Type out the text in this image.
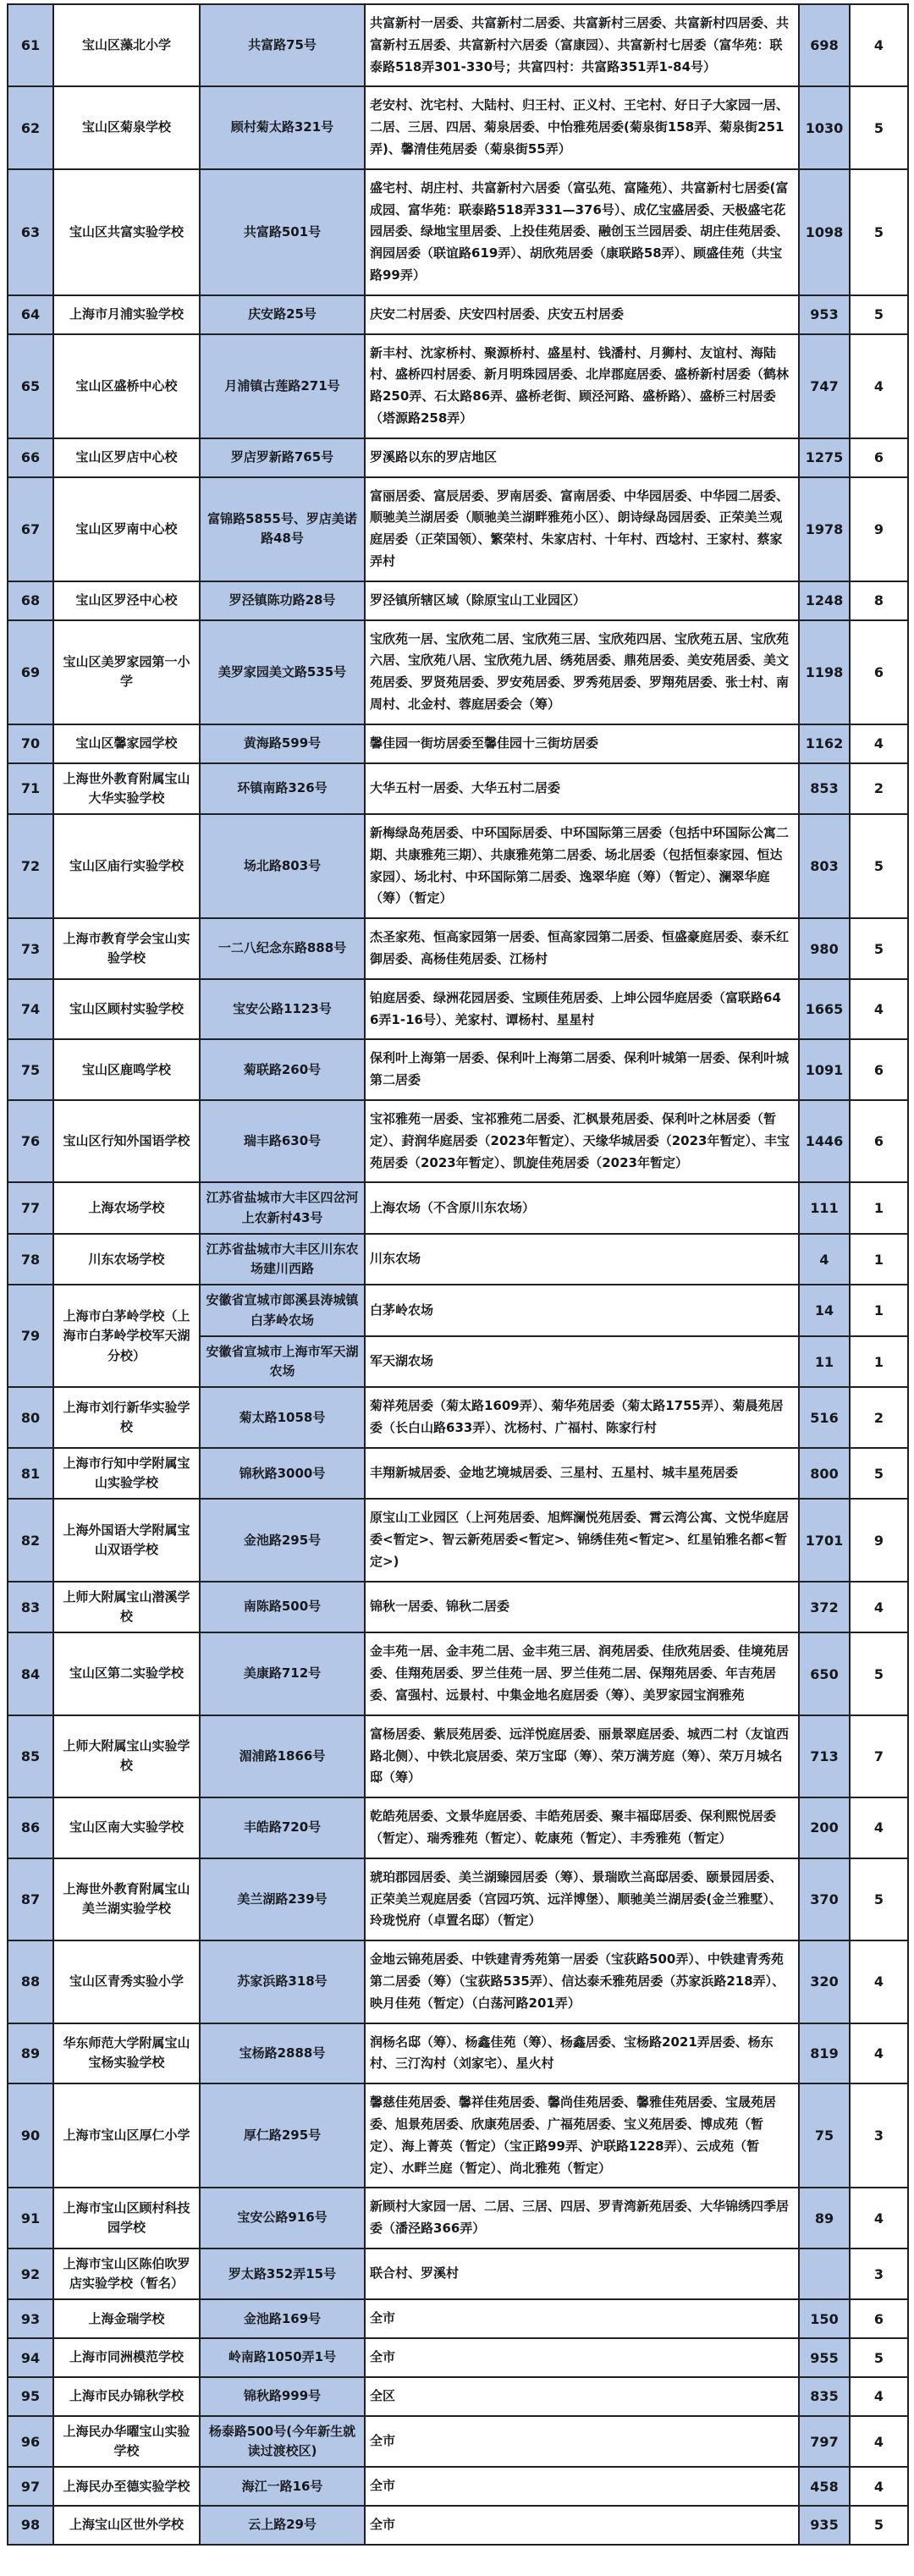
61	宝山区藻北小学	共富路75号	共富新村一居委、共富新村二居委、共富新村三居委、共富新村四居委、共富新村五居委、共富新村六居委（富康园）、共富新村七居委（富华苑：联泰路518弄301-330号；共富四村：共富路351弄1-84号）	698	4
62	宝山区菊泉学校	顾村菊太路321号	老安村、沈宅村、大陆村、归王村、正义村、王宅村、好日子大家园一居、二居、三居、四居、菊泉居委、中怡雅苑居委(菊泉街158弄、菊泉街251弄)、馨清佳苑居委（菊泉街55弄）	1030	5
63	宝山区共富实验学校	共富路501号	盛宅村、胡庄村、共富新村六居委（富弘苑、富隆苑）、共富新村七居委(富成园、富华苑：联泰路518弄331—376号）、成亿宝盛居委、天极盛宅花园居委、绿地宝里居委、上投佳苑居委、融创玉兰园居委、胡庄佳苑居委、润园居委（联谊路619弄）、胡欣苑居委（康联路58弄）、顾盛佳苑（共宝路99弄）	1098	5
64	上海市月浦实验学校	庆安路25号	庆安二村居委、庆安四村居委、庆安五村居委	953	5
65	宝山区盛桥中心校	月浦镇古莲路271号	新丰村、沈家桥村、聚源桥村、盛星村、钱潘村、月狮村、友谊村、海陆村、盛桥四村居委、新月明珠园居委、北岸郡庭居委、盛桥新村居委（鹤林路250弄、石太路86弄、盛桥老街、顾泾河路、盛桥路）、盛桥三村居委（塔源路258弄）	747	4
66	宝山区罗店中心校	罗店罗新路765号	罗溪路以东的罗店地区	1275	6
67	宝山区罗南中心校	富锦路5855号、罗店美诺路48号	富丽居委、富辰居委、罗南居委、富南居委、中华园居委、中华园二居委、顺驰美兰湖居委（顺驰美兰湖畔雅苑小区）、朗诗绿岛园居委、正荣美兰观庭居委（正荣国领）、繁荣村、朱家店村、十年村、西埝村、王家村、蔡家弄村	1978	9
68	宝山区罗泾中心校	罗泾镇陈功路28号	罗泾镇所辖区域（除原宝山工业园区）	1248	8
69	宝山区美罗家园第一小学	美罗家园美文路535号	宝欣苑一居、宝欣苑二居、宝欣苑三居、宝欣苑四居、宝欣苑五居、宝欣苑六居、宝欣苑八居、宝欣苑九居、绣苑居委、鼎苑居委、美安苑居委、美文苑居委、罗贤苑居委、罗安苑居委、罗秀苑居委、罗翔苑居委、张士村、南周村、北金村、蓉庭居委会（筹）	1198	6
70	宝山区馨家园学校	黄海路599号	馨佳园一街坊居委至馨佳园十三街坊居委	1162	4
71	上海世外教育附属宝山大华实验学校	环镇南路326号	大华五村一居委、大华五村二居委	853	2
72	宝山区庙行实验学校	场北路803号	新梅绿岛苑居委、中环国际居委、中环国际第三居委（包括中环国际公寓二期、共康雅苑三期）、共康雅苑第二居委、场北居委（包括恒泰家园、恒达家园）、场北村、中环国际第二居委、逸翠华庭（筹）（暂定）、澜翠华庭（筹）（暂定）	803	5
73	上海市教育学会宝山实验学校	一二八纪念东路888号	杰圣家苑、恒高家园第一居委、恒高家园第二居委、恒盛豪庭居委、泰禾红御居委、高杨佳苑居委、江杨村	980	5
74	宝山区顾村实验学校	宝安公路1123号	铂庭居委、绿洲花园居委、宝顾佳苑居委、上坤公园华庭居委（富联路646弄1-16号）、羌家村、谭杨村、星星村	1665	4
75	宝山区鹿鸣学校	菊联路260号	保利叶上海第一居委、保利叶上海第二居委、保利叶城第一居委、保利叶城第二居委	1091	6
76	宝山区行知外国语学校	瑞丰路630号	宝祁雅苑一居委、宝祁雅苑二居委、汇枫景苑居委、保利叶之林居委（暂定）、葑润华庭居委（2023年暂定）、天缘华城居委（2023年暂定）、丰宝苑居委（2023年暂定）、凯旋佳苑居委（2023年暂定）	1446	6
77	上海农场学校	江苏省盐城市大丰区四岔河上农新村43号	上海农场（不含原川东农场）	111	1
78	川东农场学校	江苏省盐城市大丰区川东农场建川西路	川东农场	4	1
79	上海市白茅岭学校（上海市白茅岭学校军天湖分校）	安徽省宣城市郎溪县涛城镇白茅岭农场	白茅岭农场	14	1
		安徽省宣城市上海市军天湖农场	军天湖农场	11	1
80	上海市刘行新华实验学校	菊太路1058号	菊祥苑居委（菊太路1609弄）、菊华苑居委（菊太路1755弄）、菊晨苑居委（长白山路633弄）、沈杨村、广福村、陈家行村	516	2
81	上海市行知中学附属宝山实验学校	锦秋路3000号	丰翔新城居委、金地艺境城居委、三星村、五星村、城丰星苑居委	800	5
82	上海外国语大学附属宝山双语学校	金池路295号	原宝山工业园区（上河苑居委、旭辉澜悦苑居委、霄云湾公寓、文悦华庭居委<暂定>、智云新苑居委<暂定>、锦绣佳苑<暂定>、红星铂雅名都<暂定>)	1701	9
83	上师大附属宝山潜溪学校	南陈路500号	锦秋一居委、锦秋二居委	372	4
84	宝山区第二实验学校	美康路712号	金丰苑一居、金丰苑二居、金丰苑三居、润苑居委、佳欣苑居委、佳境苑居委、佳翔苑居委、罗兰佳苑一居、罗兰佳苑二居、保翔苑居委、年吉苑居委、富强村、远景村、中集金地名庭居委（筹）、美罗家园宝润雅苑	650	5
85	上师大附属宝山实验学校	湄浦路1866号	富杨居委、紫辰苑居委、远洋悦庭居委、丽景翠庭居委、城西二村（友谊西路北侧）、中铁北宸居委、荣万宝邸（筹）、荣万满芳庭（筹）、荣万月城名邸（筹）	713	7
86	宝山区南大实验学校	丰皓路720号	乾皓苑居委、文景华庭居委、丰皓苑居委、聚丰福邸居委、保利熙悦居委（暂定）、瑞秀雅苑（暂定）、乾康苑（暂定）、丰秀雅苑（暂定）	200	4
87	上海世外教育附属宝山美兰湖实验学校	美兰湖路239号	琥珀郡园居委、美兰湖臻园居委（筹）、景瑞欧兰高邸居委、颐景园居委、正荣美兰观庭居委（宫园巧筑、远洋博堡）、顺驰美兰湖居委(金兰雅墅）、玲珑悦府（卓置名邸）（暂定）	370	5
88	宝山区青秀实验小学	苏家浜路318号	金地云锦苑居委、中铁建青秀苑第一居委（宝荻路500弄）、中铁建青秀苑第二居委（筹）（宝荻路535弄）、信达泰禾雅苑居委（苏家浜路218弄）、映月佳苑（暂定）（白荡河路201弄）	320	4
89	华东师范大学附属宝山宝杨实验学校	宝杨路2888号	润杨名邸（筹）、杨鑫佳苑（筹）、杨鑫居委、宝杨路2021弄居委、杨东村、三汀沟村（刘家宅）、星火村	819	4
90	上海市宝山区厚仁小学	厚仁路295号	馨慈佳苑居委、馨祥佳苑居委、馨尚佳苑居委、馨雅佳苑居委、宝晟苑居委、旭景苑居委、欣康苑居委、广福苑居委、宝义苑居委、博成苑（暂定）、海上菁英（暂定）（宝正路99弄、沪联路1228弄）、云成苑（暂定）、水畔兰庭（暂定）、尚北雅苑（暂定）	75	3
91	上海市宝山区顾村科技园学校	宝安公路916号	新顾村大家园一居、二居、三居、四居、罗青湾新苑居委、大华锦绣四季居委（潘泾路366弄）	89	4
92	上海市宝山区陈伯吹罗店实验学校（暂名）	罗太路352弄15号	联合村、罗溪村		3
93	上海金瑞学校	金池路169号	全市	150	6
94	上海市同洲模范学校	岭南路1050弄1号	全市	955	5
95	上海市民办锦秋学校	锦秋路999号	全区	835	4
96	上海民办华曜宝山实验学校	杨泰路500号(今年新生就读过渡校区)	全市	797	4
97	上海民办至德实验学校	海江一路16号	全市	458	4
98	上海宝山区世外学校	云上路29号	全市	935	5
